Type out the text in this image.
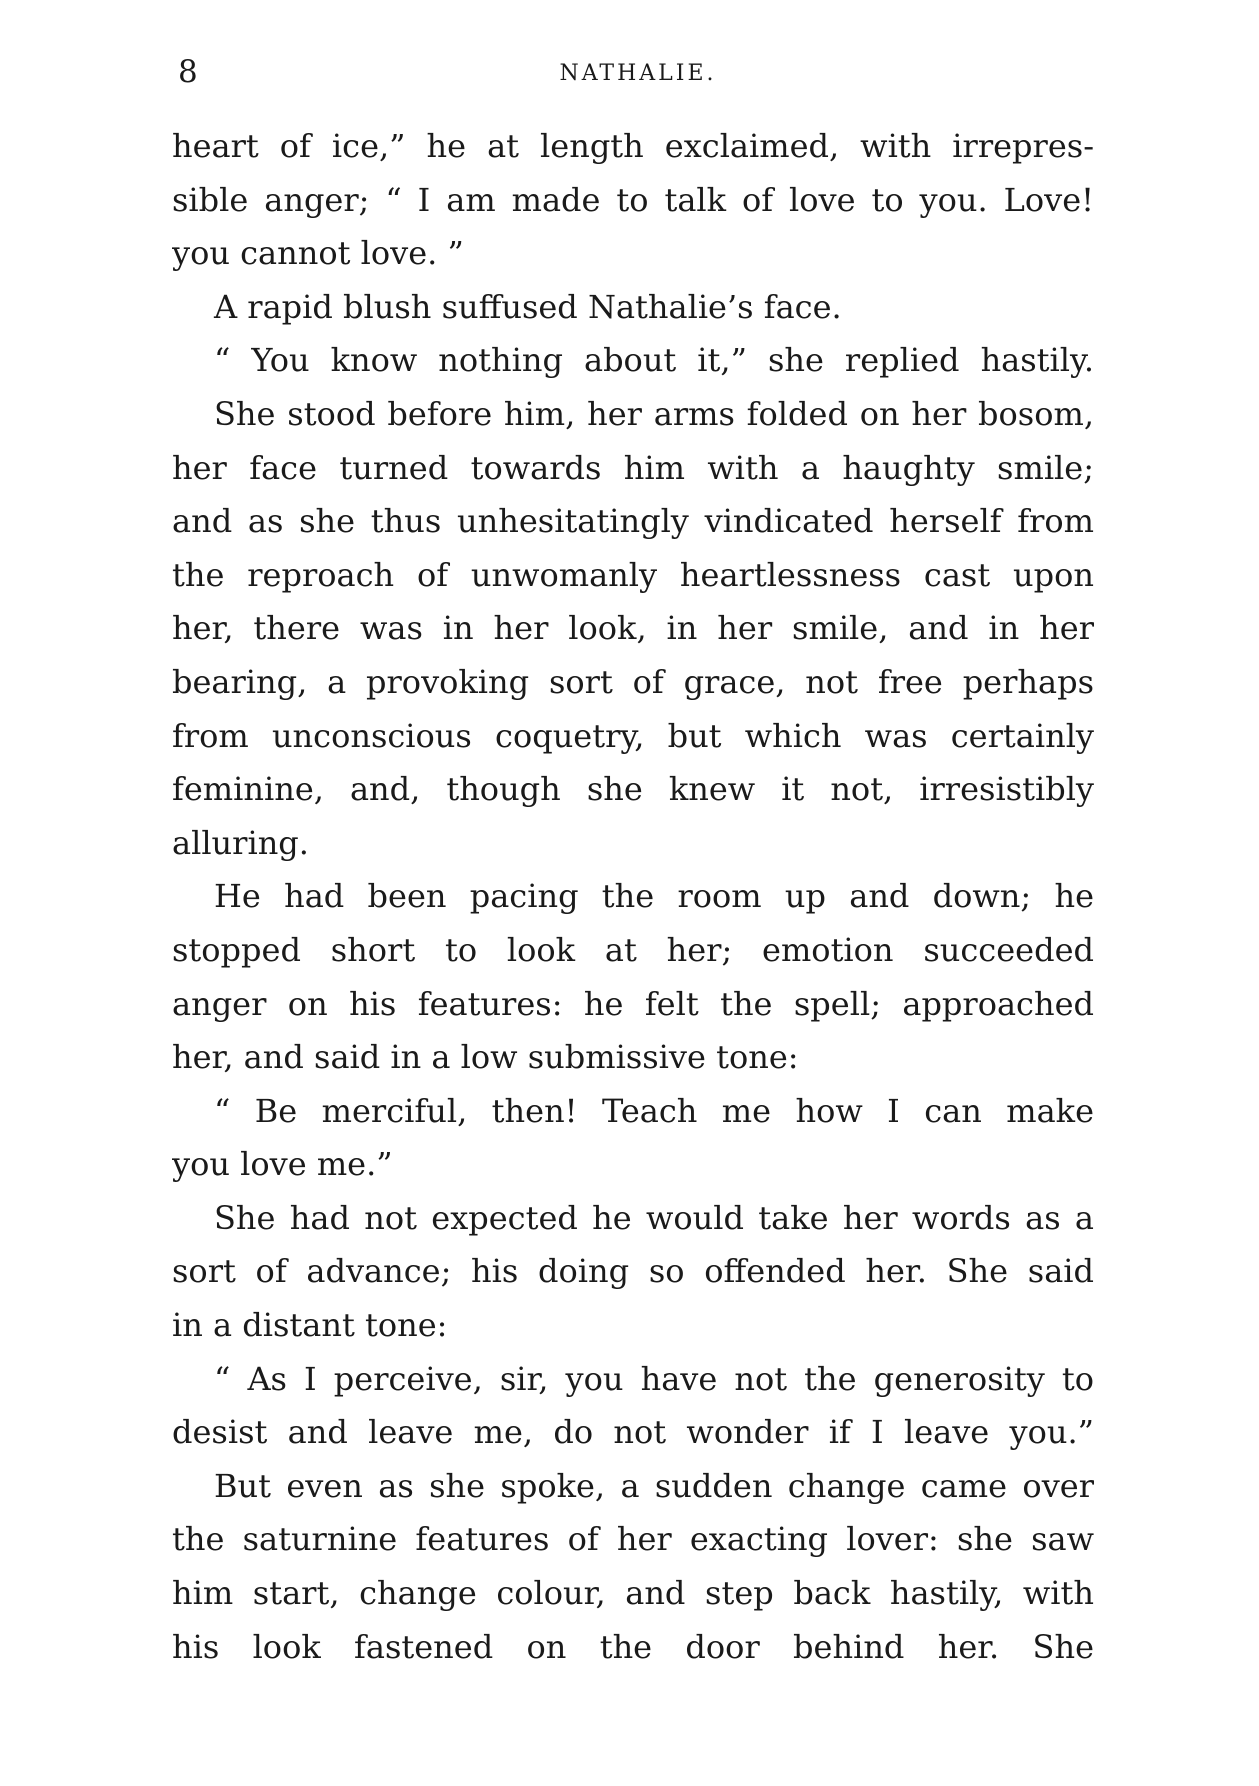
8	NATHALIE.
heart of ice,” he at length exclaimed, with irrepres-
sible anger; “ I am made to talk of love to you. Love!
you cannot love. ”
A rapid blush suffused Nathalie’s face.
“ You know nothing about it,” she replied hastily.
She stood before him, her arms folded on her bosom,
her face turned towards him with a haughty smile;
and as she thus unhesitatingly vindicated herself from
the reproach of unwomanly heartlessness cast upon
her, there was in her look, in her smile, and in her
bearing, a provoking sort of grace, not free perhaps
from unconscious coquetry, but which was certainly
feminine, and, though she knew it not, irresistibly
alluring.
He had been pacing the room up and down; he
stopped short to look at her; emotion succeeded
anger on his features: he felt the spell; approached
her, and said in a low submissive tone:
“ Be merciful, then! Teach me how I can make
you love me.”
She had not expected he would take her words as a
sort of advance; his doing so offended her. She said
in a distant tone:
“ As I perceive, sir, you have not the generosity to
desist and leave me, do not wonder if I leave you.”
But even as she spoke, a sudden change came over
the saturnine features of her exacting lover: she saw
him start, change colour, and step back hastily, with
his look fastened on the door behind her. She
